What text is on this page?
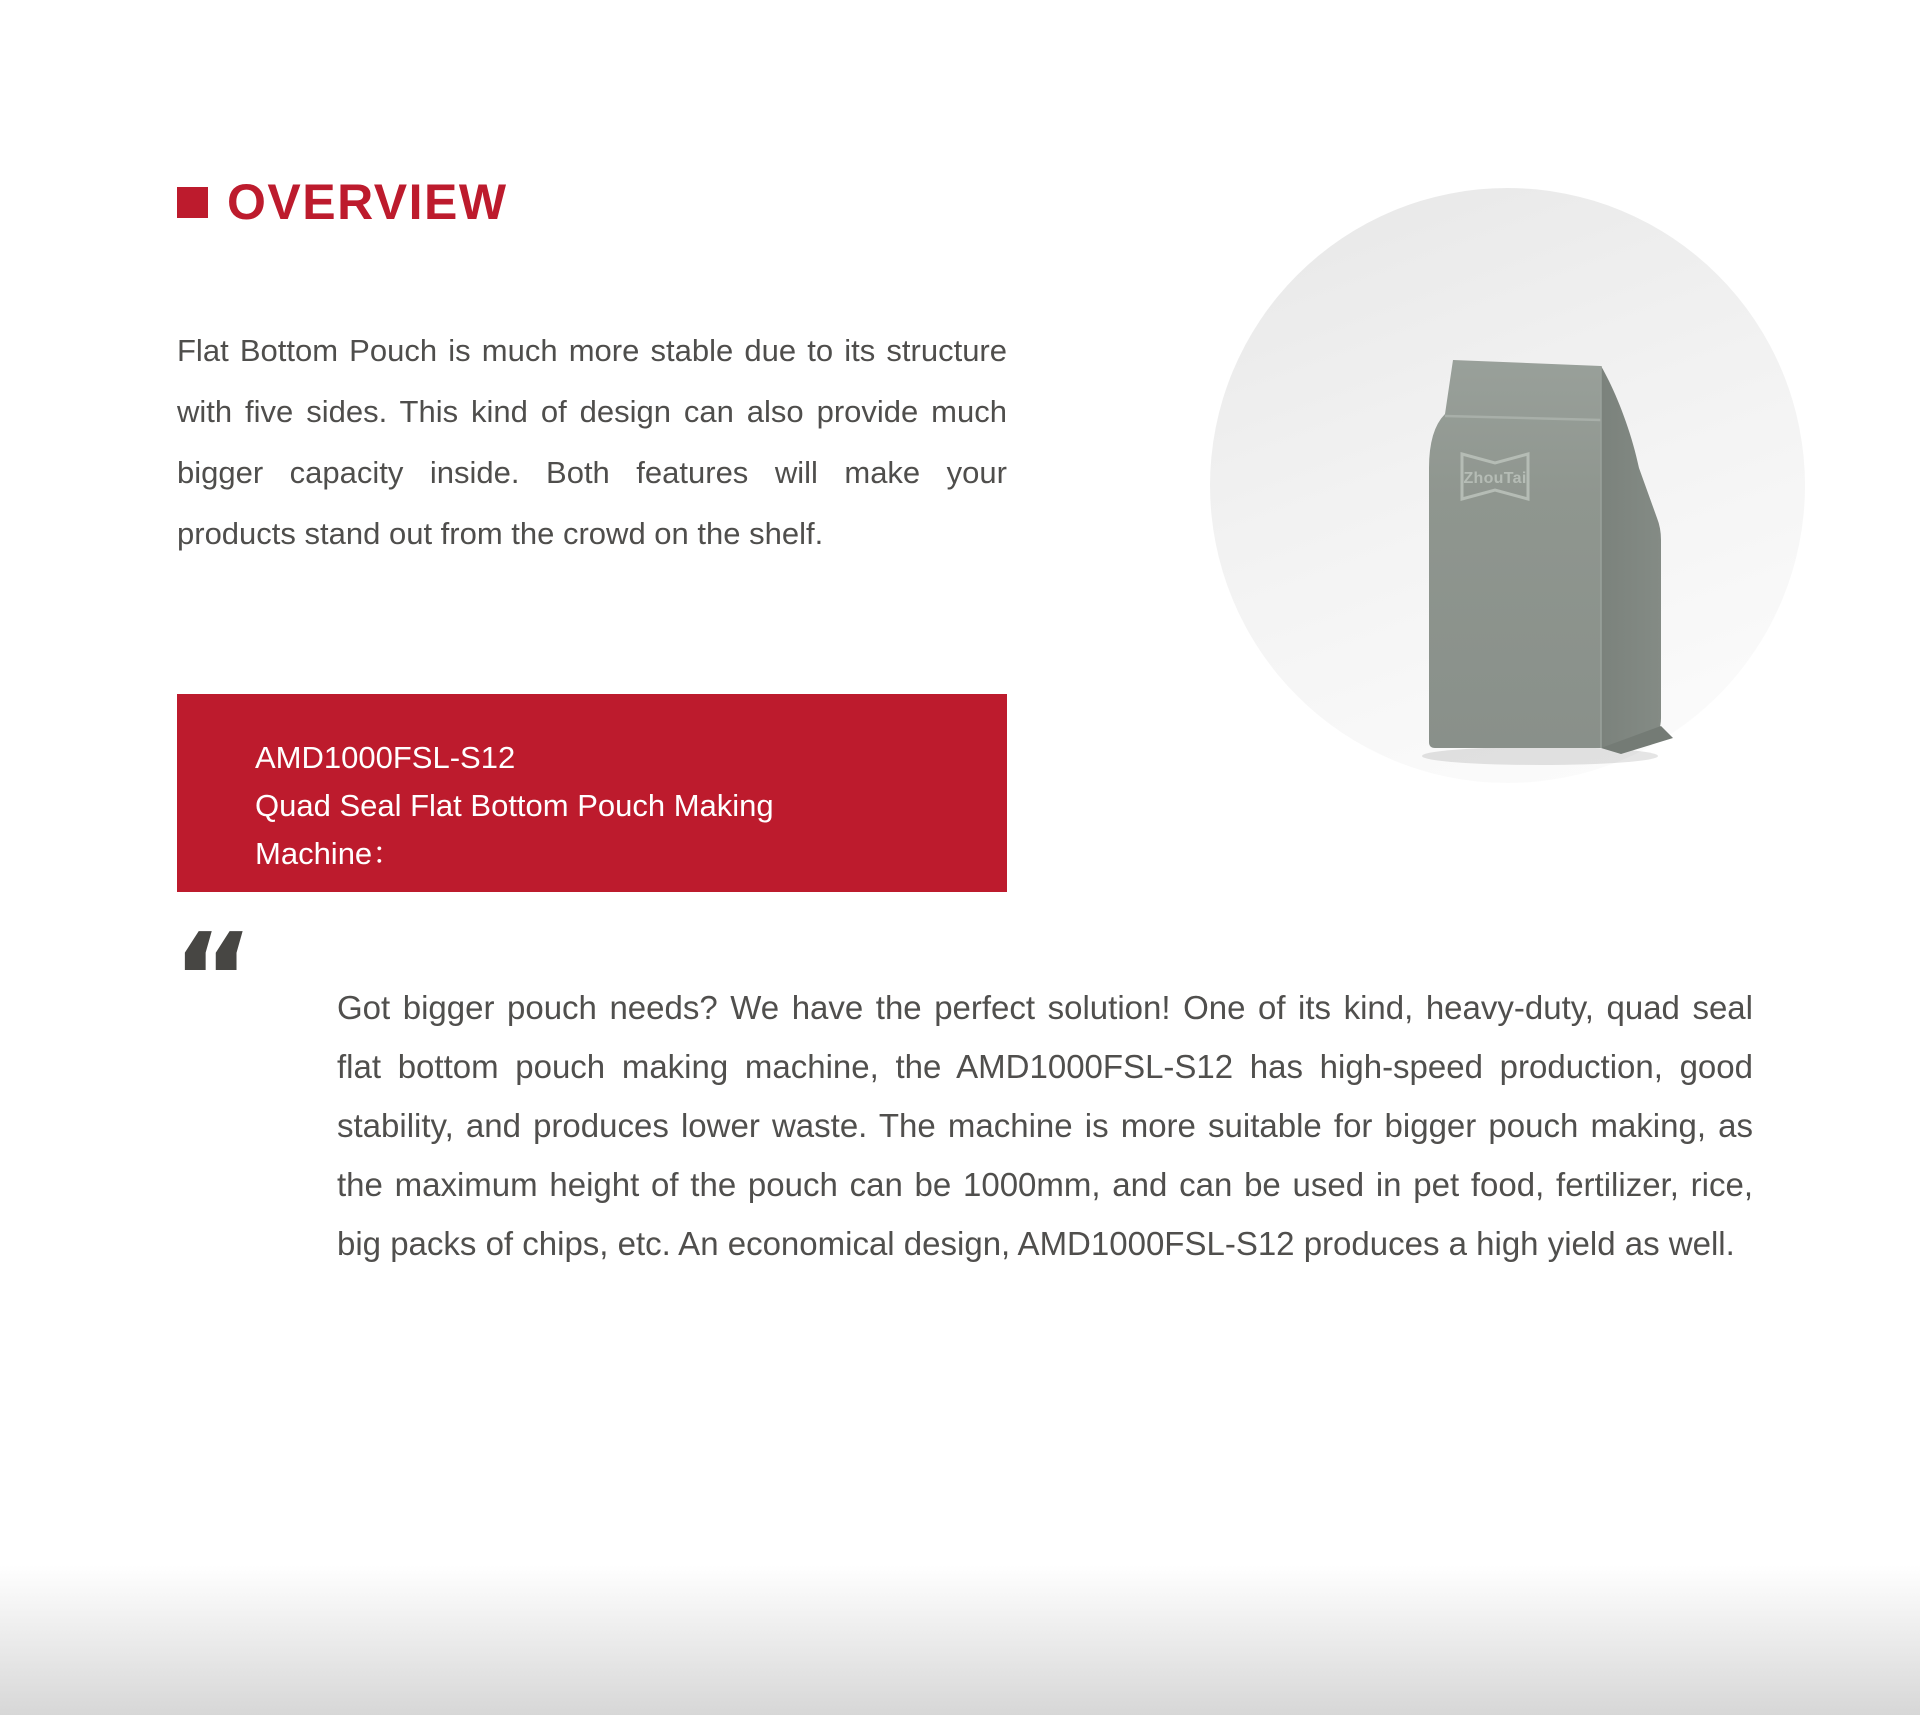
OVERVIEW
Flat Bottom Pouch is much more stable due to its structure with five sides. This kind of design can also provide much bigger capacity inside. Both features will make your products stand out from the crowd on the shelf.
ZhouTai
AMD1000FSL-S12
Quad Seal Flat Bottom Pouch Making
Machine：
“	Got bigger pouch needs? We have the perfect solution! One of its kind, heavy-duty, quad seal flat bottom pouch making machine, the AMD1000FSL-S12 has high-speed production, good stability, and produces lower waste. The machine is more suitable for bigger pouch making, as the maximum height of the pouch can be 1000mm, and can be used in pet food, fertilizer, rice, big packs of chips, etc. An economical design, AMD1000FSL-S12 produces a high yield as well.
